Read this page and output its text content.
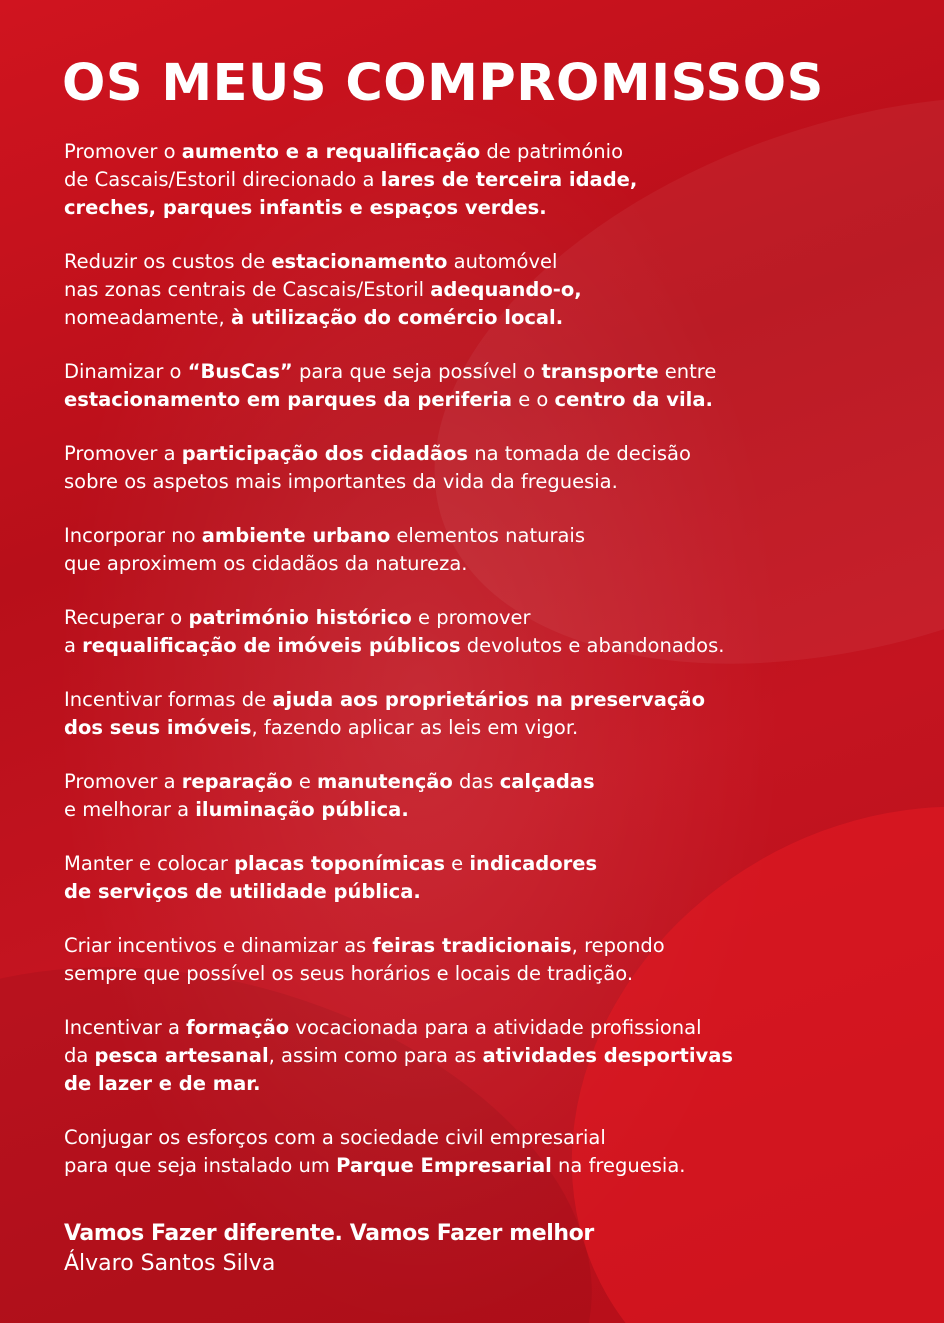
OS MEUS COMPROMISSOS

Promover o aumento e a requalificação de património
de Cascais/Estoril direcionado a lares de terceira idade,
creches, parques infantis e espaços verdes.

Reduzir os custos de estacionamento automóvel
nas zonas centrais de Cascais/Estoril adequando-o,
nomeadamente, à utilização do comércio local.

Dinamizar o “BusCas” para que seja possível o transporte entre
estacionamento em parques da periferia e o centro da vila.

Promover a participação dos cidadãos na tomada de decisão
sobre os aspetos mais importantes da vida da freguesia.

Incorporar no ambiente urbano elementos naturais
que aproximem os cidadãos da natureza.

Recuperar o património histórico e promover
a requalificação de imóveis públicos devolutos e abandonados.

Incentivar formas de ajuda aos proprietários na preservação
dos seus imóveis, fazendo aplicar as leis em vigor.

Promover a reparação e manutenção das calçadas
e melhorar a iluminação pública.

Manter e colocar placas toponímicas e indicadores
de serviços de utilidade pública.

Criar incentivos e dinamizar as feiras tradicionais, repondo
sempre que possível os seus horários e locais de tradição.

Incentivar a formação vocacionada para a atividade profissional
da pesca artesanal, assim como para as atividades desportivas
de lazer e de mar.

Conjugar os esforços com a sociedade civil empresarial
para que seja instalado um Parque Empresarial na freguesia.

Vamos Fazer diferente. Vamos Fazer melhor
Álvaro Santos Silva
